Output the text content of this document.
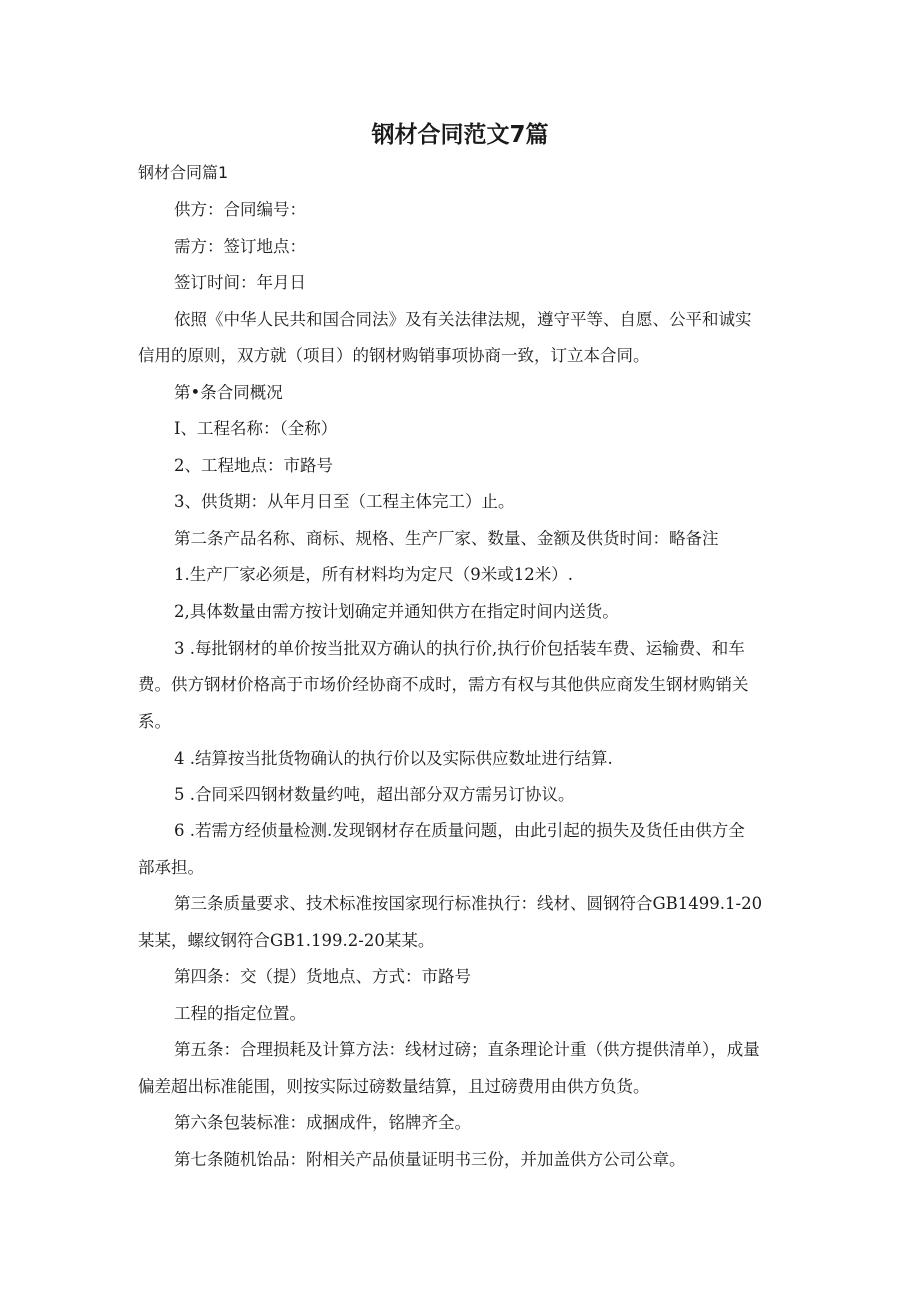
钢材合同范文7篇
钢材合同篇1
供方：合同编号：
需方：签订地点：
签订时间：年月日
依照《中华人民共和国合同法》及有关法律法规，遵守平等、自愿、公平和诚实
信用的原则，双方就（项目）的钢材购销事项协商一致，订立本合同。
第•条合同概况
I、工程名称：（全称）
2、工程地点：市路号
3、供货期：从年月日至（工程主体完工）止。
第二条产品名称、商标、规格、生产厂家、数量、金额及供货时间：略备注
1.生产厂家必须是，所有材料均为定尺（9米或12米）.
2,具体数量由需方按计划确定并通知供方在指定时间内送货。
3 .每批钢材的单价按当批双方确认的执行价,执行价包括装车费、运输费、和车
费。供方钢材价格高于市场价经协商不成时，需方有权与其他供应商发生钢材购销关
系。
4 .结算按当批货物确认的执行价以及实际供应数址进行结算.
5 .合同采四钢材数量约吨，超出部分双方需另订协议。
6 .若需方经侦量检测.发现钢材存在质量问题，由此引起的损失及货任由供方全
部承担。
第三条质量要求、技术标准按国家现行标准执行：线材、圆钢符合GB1499.1-20
某某，螺纹钢符合GB1.199.2-20某某。
第四条：交（提）货地点、方式：市路号
工程的指定位置。
第五条：合理损耗及计算方法：线材过磅；直条理论计重（供方提供清单），成量
偏差超出标准能围，则按实际过磅数量结算，且过磅费用由供方负货。
第六条包装标准：成捆成件，铭牌齐全。
第七条随机饴品：附相关产品侦量证明书三份，并加盖供方公司公章。
